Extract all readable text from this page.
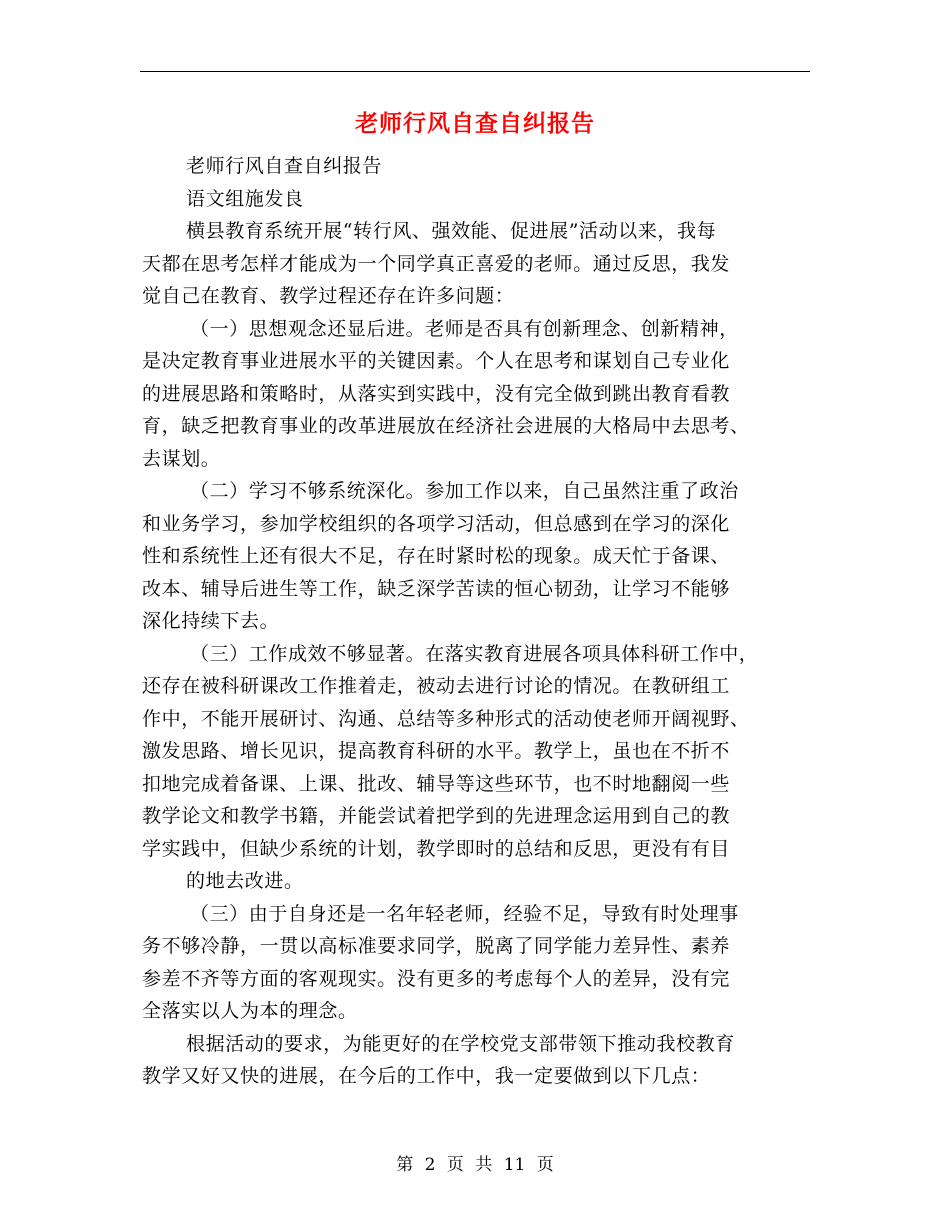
老师行风自查自纠报告
老师行风自查自纠报告
语文组施发良
横县教育系统开展“转行风、强效能、促进展”活动以来，我每
天都在思考怎样才能成为一个同学真正喜爱的老师。通过反思，我发
觉自己在教育、教学过程还存在许多问题：
（一）思想观念还显后进。老师是否具有创新理念、创新精神，
是决定教育事业进展水平的关键因素。个人在思考和谋划自己专业化
的进展思路和策略时，从落实到实践中，没有完全做到跳出教育看教
育，缺乏把教育事业的改革进展放在经济社会进展的大格局中去思考、
去谋划。
（二）学习不够系统深化。参加工作以来，自己虽然注重了政治
和业务学习，参加学校组织的各项学习活动，但总感到在学习的深化
性和系统性上还有很大不足，存在时紧时松的现象。成天忙于备课、
改本、辅导后进生等工作，缺乏深学苦读的恒心韧劲，让学习不能够
深化持续下去。
（三）工作成效不够显著。在落实教育进展各项具体科研工作中，
还存在被科研课改工作推着走，被动去进行讨论的情况。在教研组工
作中，不能开展研讨、沟通、总结等多种形式的活动使老师开阔视野、
激发思路、增长见识，提高教育科研的水平。教学上，虽也在不折不
扣地完成着备课、上课、批改、辅导等这些环节，也不时地翻阅一些
教学论文和教学书籍，并能尝试着把学到的先进理念运用到自己的教
学实践中，但缺少系统的计划，教学即时的总结和反思，更没有有目
的地去改进。
（三）由于自身还是一名年轻老师，经验不足，导致有时处理事
务不够冷静，一贯以高标准要求同学，脱离了同学能力差异性、素养
参差不齐等方面的客观现实。没有更多的考虑每个人的差异，没有完
全落实以人为本的理念。
根据活动的要求，为能更好的在学校党支部带领下推动我校教育
教学又好又快的进展，在今后的工作中，我一定要做到以下几点：
第 2 页 共 11 页
